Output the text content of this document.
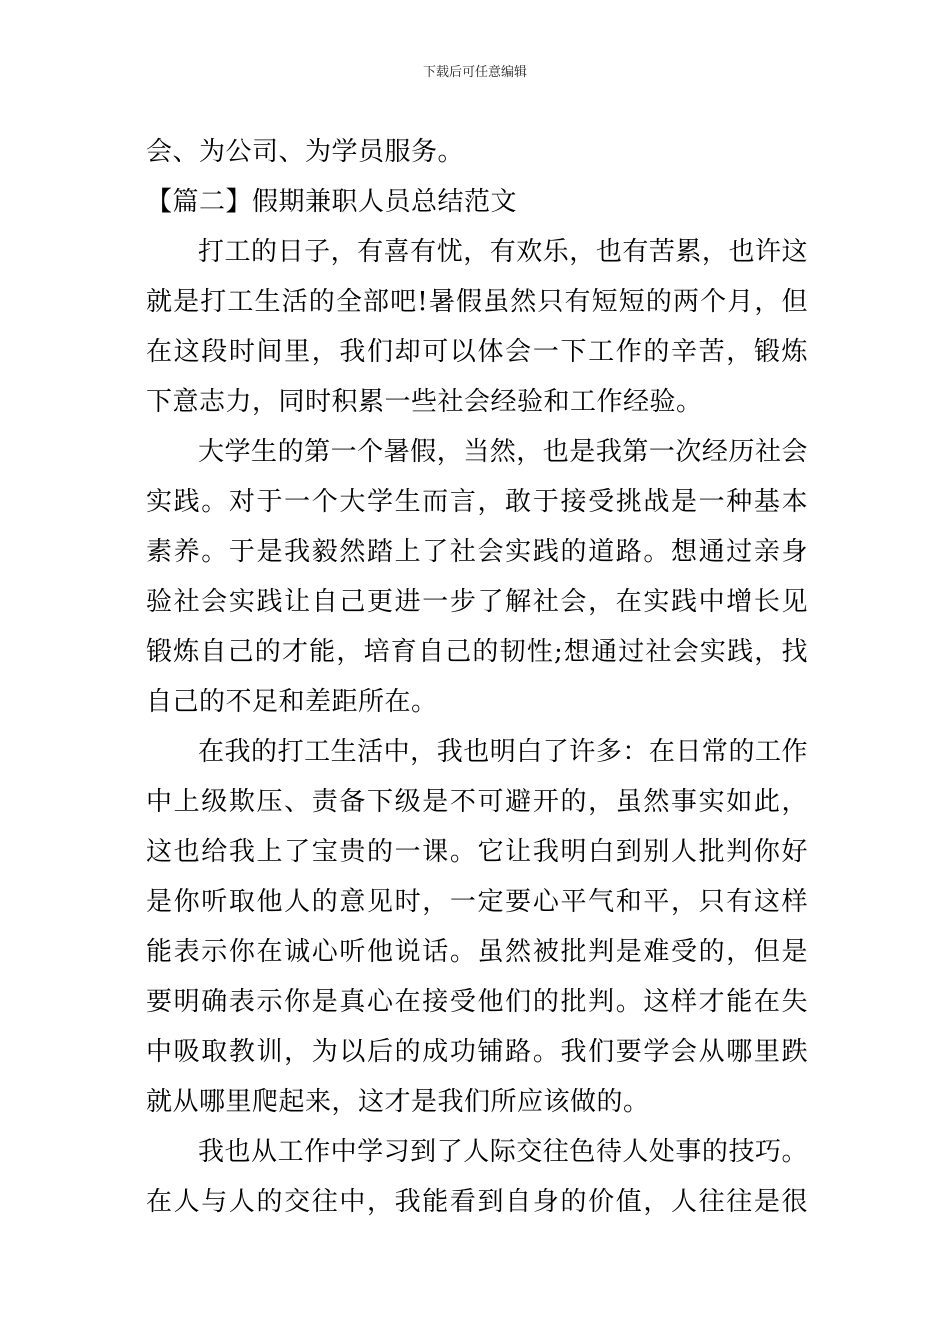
下载后可任意编辑
会、为公司、为学员服务。
【篇二】假期兼职人员总结范文
打工的日子，有喜有忧，有欢乐，也有苦累，也许这
就是打工生活的全部吧!暑假虽然只有短短的两个月，但
在这段时间里，我们却可以体会一下工作的辛苦，锻炼
下意志力，同时积累一些社会经验和工作经验。
大学生的第一个暑假，当然，也是我第一次经历社会
实践。对于一个大学生而言，敢于接受挑战是一种基本
素养。于是我毅然踏上了社会实践的道路。想通过亲身
验社会实践让自己更进一步了解社会，在实践中增长见
锻炼自己的才能，培育自己的韧性;想通过社会实践，找
自己的不足和差距所在。
在我的打工生活中，我也明白了许多：在日常的工作
中上级欺压、责备下级是不可避开的，虽然事实如此，
这也给我上了宝贵的一课。它让我明白到别人批判你好
是你听取他人的意见时，一定要心平气和平，只有这样
能表示你在诚心听他说话。虽然被批判是难受的，但是
要明确表示你是真心在接受他们的批判。这样才能在失
中吸取教训，为以后的成功铺路。我们要学会从哪里跌
就从哪里爬起来，这才是我们所应该做的。
我也从工作中学习到了人际交往色待人处事的技巧。
在人与人的交往中，我能看到自身的价值，人往往是很
